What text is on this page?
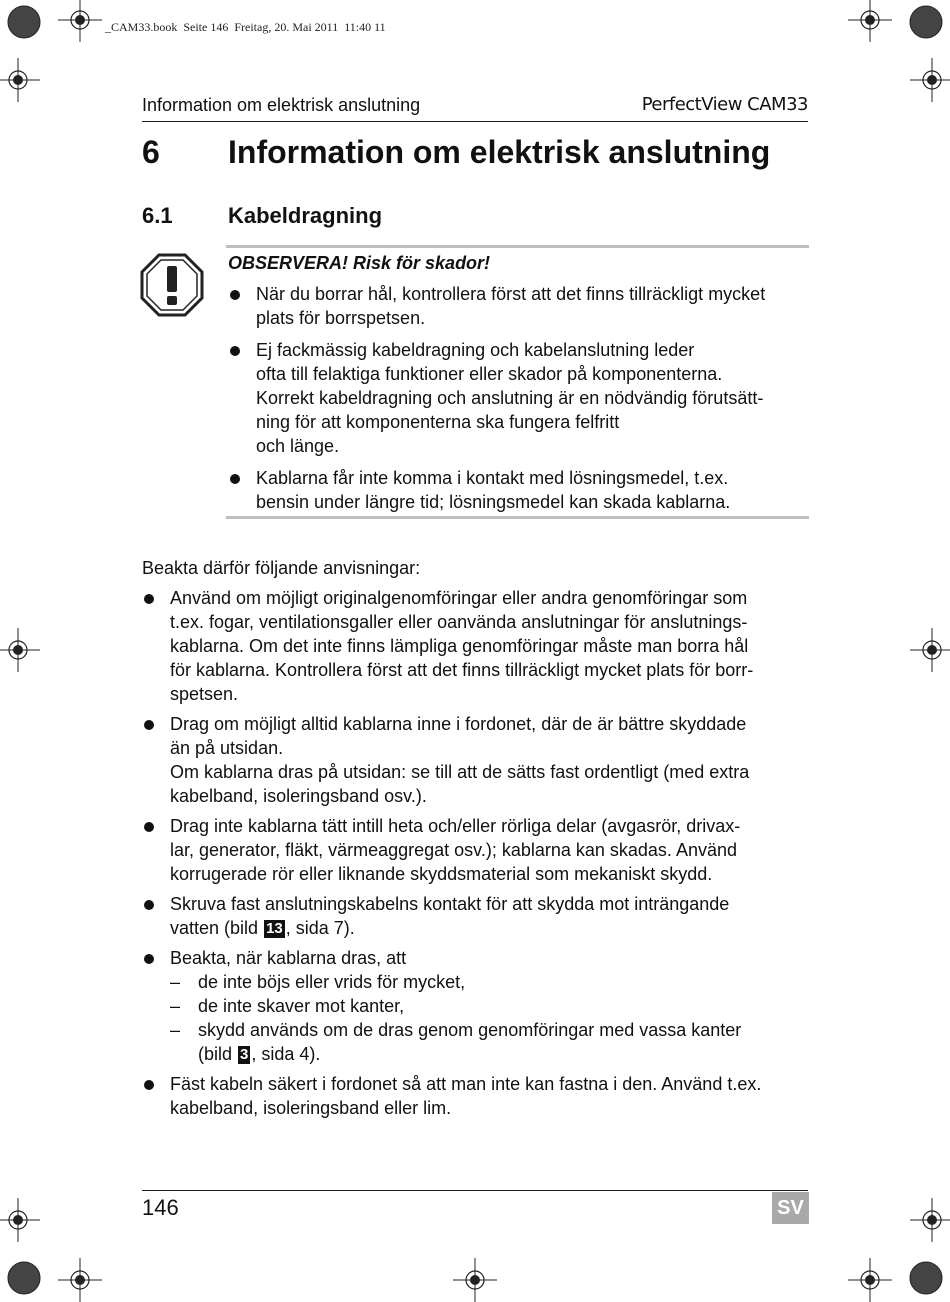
_CAM33.book  Seite 146  Freitag, 20. Mai 2011  11:40 11
Information om elektrisk anslutning	PerfectView CAM33
6 Information om elektrisk anslutning
6.1	Kabeldragning
OBSERVERA! Risk för skador!
När du borrar hål, kontrollera först att det finns tillräckligt mycket
plats för borrspetsen.
Ej fackmässig kabeldragning och kabelanslutning leder
ofta till felaktiga funktioner eller skador på komponenterna.
Korrekt kabeldragning och anslutning är en nödvändig förutsätt-
ning för att komponenterna ska fungera felfritt
och länge.
Kablarna får inte komma i kontakt med lösningsmedel, t.ex.
bensin under längre tid; lösningsmedel kan skada kablarna.
Beakta därför följande anvisningar:
Använd om möjligt originalgenomföringar eller andra genomföringar som
t.ex. fogar, ventilationsgaller eller oanvända anslutningar för anslutnings-
kablarna. Om det inte finns lämpliga genomföringar måste man borra hål
för kablarna. Kontrollera först att det finns tillräckligt mycket plats för borr-
spetsen.
Drag om möjligt alltid kablarna inne i fordonet, där de är bättre skyddade
än på utsidan.
Om kablarna dras på utsidan: se till att de sätts fast ordentligt (med extra
kabelband, isoleringsband osv.).
Drag inte kablarna tätt intill heta och/eller rörliga delar (avgasrör, drivax-
lar, generator, fläkt, värmeaggregat osv.); kablarna kan skadas. Använd
korrugerade rör eller liknande skyddsmaterial som mekaniskt skydd.
Skruva fast anslutningskabelns kontakt för att skydda mot inträngande
vatten (bild 13 , sida 7).
Beakta, när kablarna dras, att
– de inte böjs eller vrids för mycket,
– de inte skaver mot kanter,
– skydd används om de dras genom genomföringar med vassa kanter
(bild 3 , sida 4).
Fäst kabeln säkert i fordonet så att man inte kan fastna i den. Använd t.ex.
kabelband, isoleringsband eller lim.
146	SV
